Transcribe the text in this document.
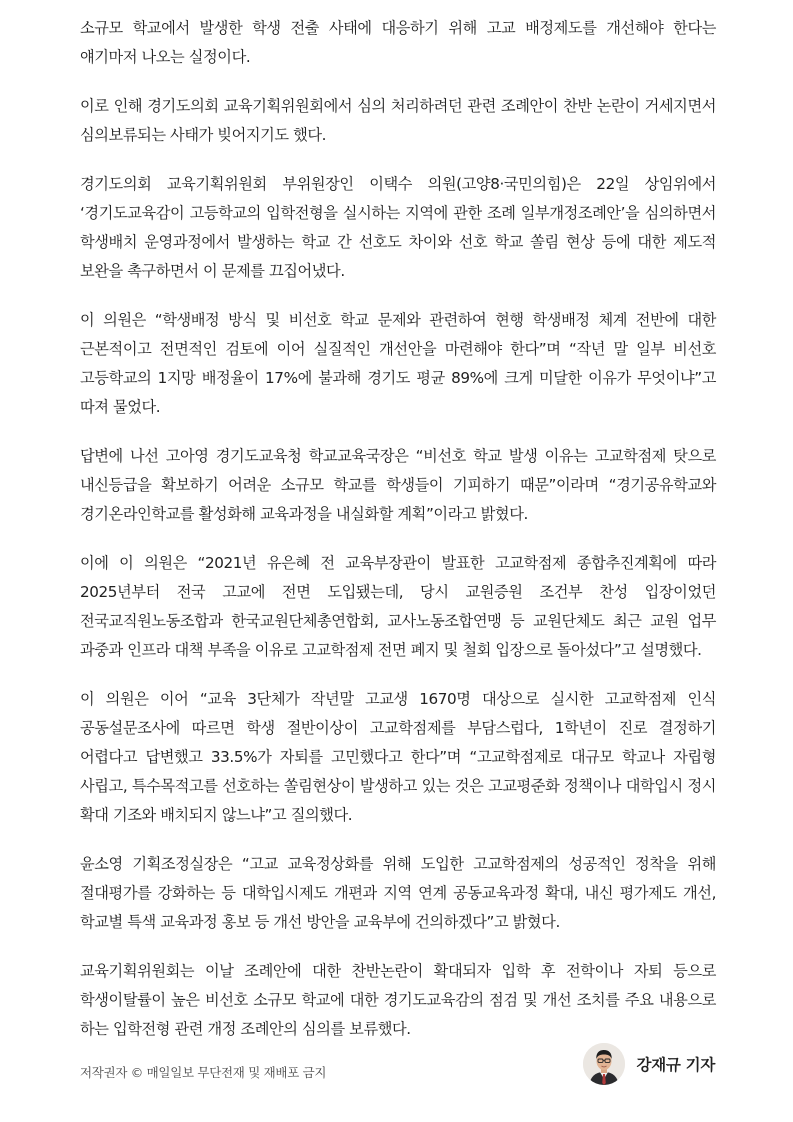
소규모 학교에서 발생한 학생 전출 사태에 대응하기 위해 고교 배정제도를 개선해야 한다는 얘기마저 나오는 실정이다.

이로 인해 경기도의회 교육기획위원회에서 심의 처리하려던 관련 조례안이 찬반 논란이 거세지면서 심의보류되는 사태가 빚어지기도 했다.

경기도의회 교육기획위원회 부위원장인 이택수 의원(고양8·국민의힘)은 22일 상임위에서 ‘경기도교육감이 고등학교의 입학전형을 실시하는 지역에 관한 조례 일부개정조례안’을 심의하면서 학생배치 운영과정에서 발생하는 학교 간 선호도 차이와 선호 학교 쏠림 현상 등에 대한 제도적 보완을 촉구하면서 이 문제를 끄집어냈다.

이 의원은 “학생배정 방식 및 비선호 학교 문제와 관련하여 현행 학생배정 체계 전반에 대한 근본적이고 전면적인 검토에 이어 실질적인 개선안을 마련해야 한다”며 “작년 말 일부 비선호 고등학교의 1지망 배정율이 17%에 불과해 경기도 평균 89%에 크게 미달한 이유가 무엇이냐”고 따져 물었다.

답변에 나선 고아영 경기도교육청 학교교육국장은 “비선호 학교 발생 이유는 고교학점제 탓으로 내신등급을 확보하기 어려운 소규모 학교를 학생들이 기피하기 때문”이라며 “경기공유학교와 경기온라인학교를 활성화해 교육과정을 내실화할 계획”이라고 밝혔다.

이에 이 의원은 “2021년 유은혜 전 교육부장관이 발표한 고교학점제 종합추진계획에 따라 2025년부터 전국 고교에 전면 도입됐는데, 당시 교원증원 조건부 찬성 입장이었던 전국교직원노동조합과 한국교원단체총연합회, 교사노동조합연맹 등 교원단체도 최근 교원 업무 과중과 인프라 대책 부족을 이유로 고교학점제 전면 폐지 및 철회 입장으로 돌아섰다”고 설명했다.

이 의원은 이어 “교육 3단체가 작년말 고교생 1670명 대상으로 실시한 고교학점제 인식 공동설문조사에 따르면 학생 절반이상이 고교학점제를 부담스럽다, 1학년이 진로 결정하기 어렵다고 답변했고 33.5%가 자퇴를 고민했다고 한다”며 “고교학점제로 대규모 학교나 자립형 사립고, 특수목적고를 선호하는 쏠림현상이 발생하고 있는 것은 고교평준화 정책이나 대학입시 정시 확대 기조와 배치되지 않느냐”고 질의했다.

윤소영 기획조정실장은 “고교 교육정상화를 위해 도입한 고교학점제의 성공적인 정착을 위해 절대평가를 강화하는 등 대학입시제도 개편과 지역 연계 공동교육과정 확대, 내신 평가제도 개선, 학교별 특색 교육과정 홍보 등 개선 방안을 교육부에 건의하겠다”고 밝혔다.

교육기획위원회는 이날 조례안에 대한 찬반논란이 확대되자 입학 후 전학이나 자퇴 등으로 학생이탈률이 높은 비선호 소규모 학교에 대한 경기도교육감의 점검 및 개선 조치를 주요 내용으로 하는 입학전형 관련 개정 조례안의 심의를 보류했다.

저작권자 © 매일일보 무단전재 및 재배포 금지	강재규 기자
